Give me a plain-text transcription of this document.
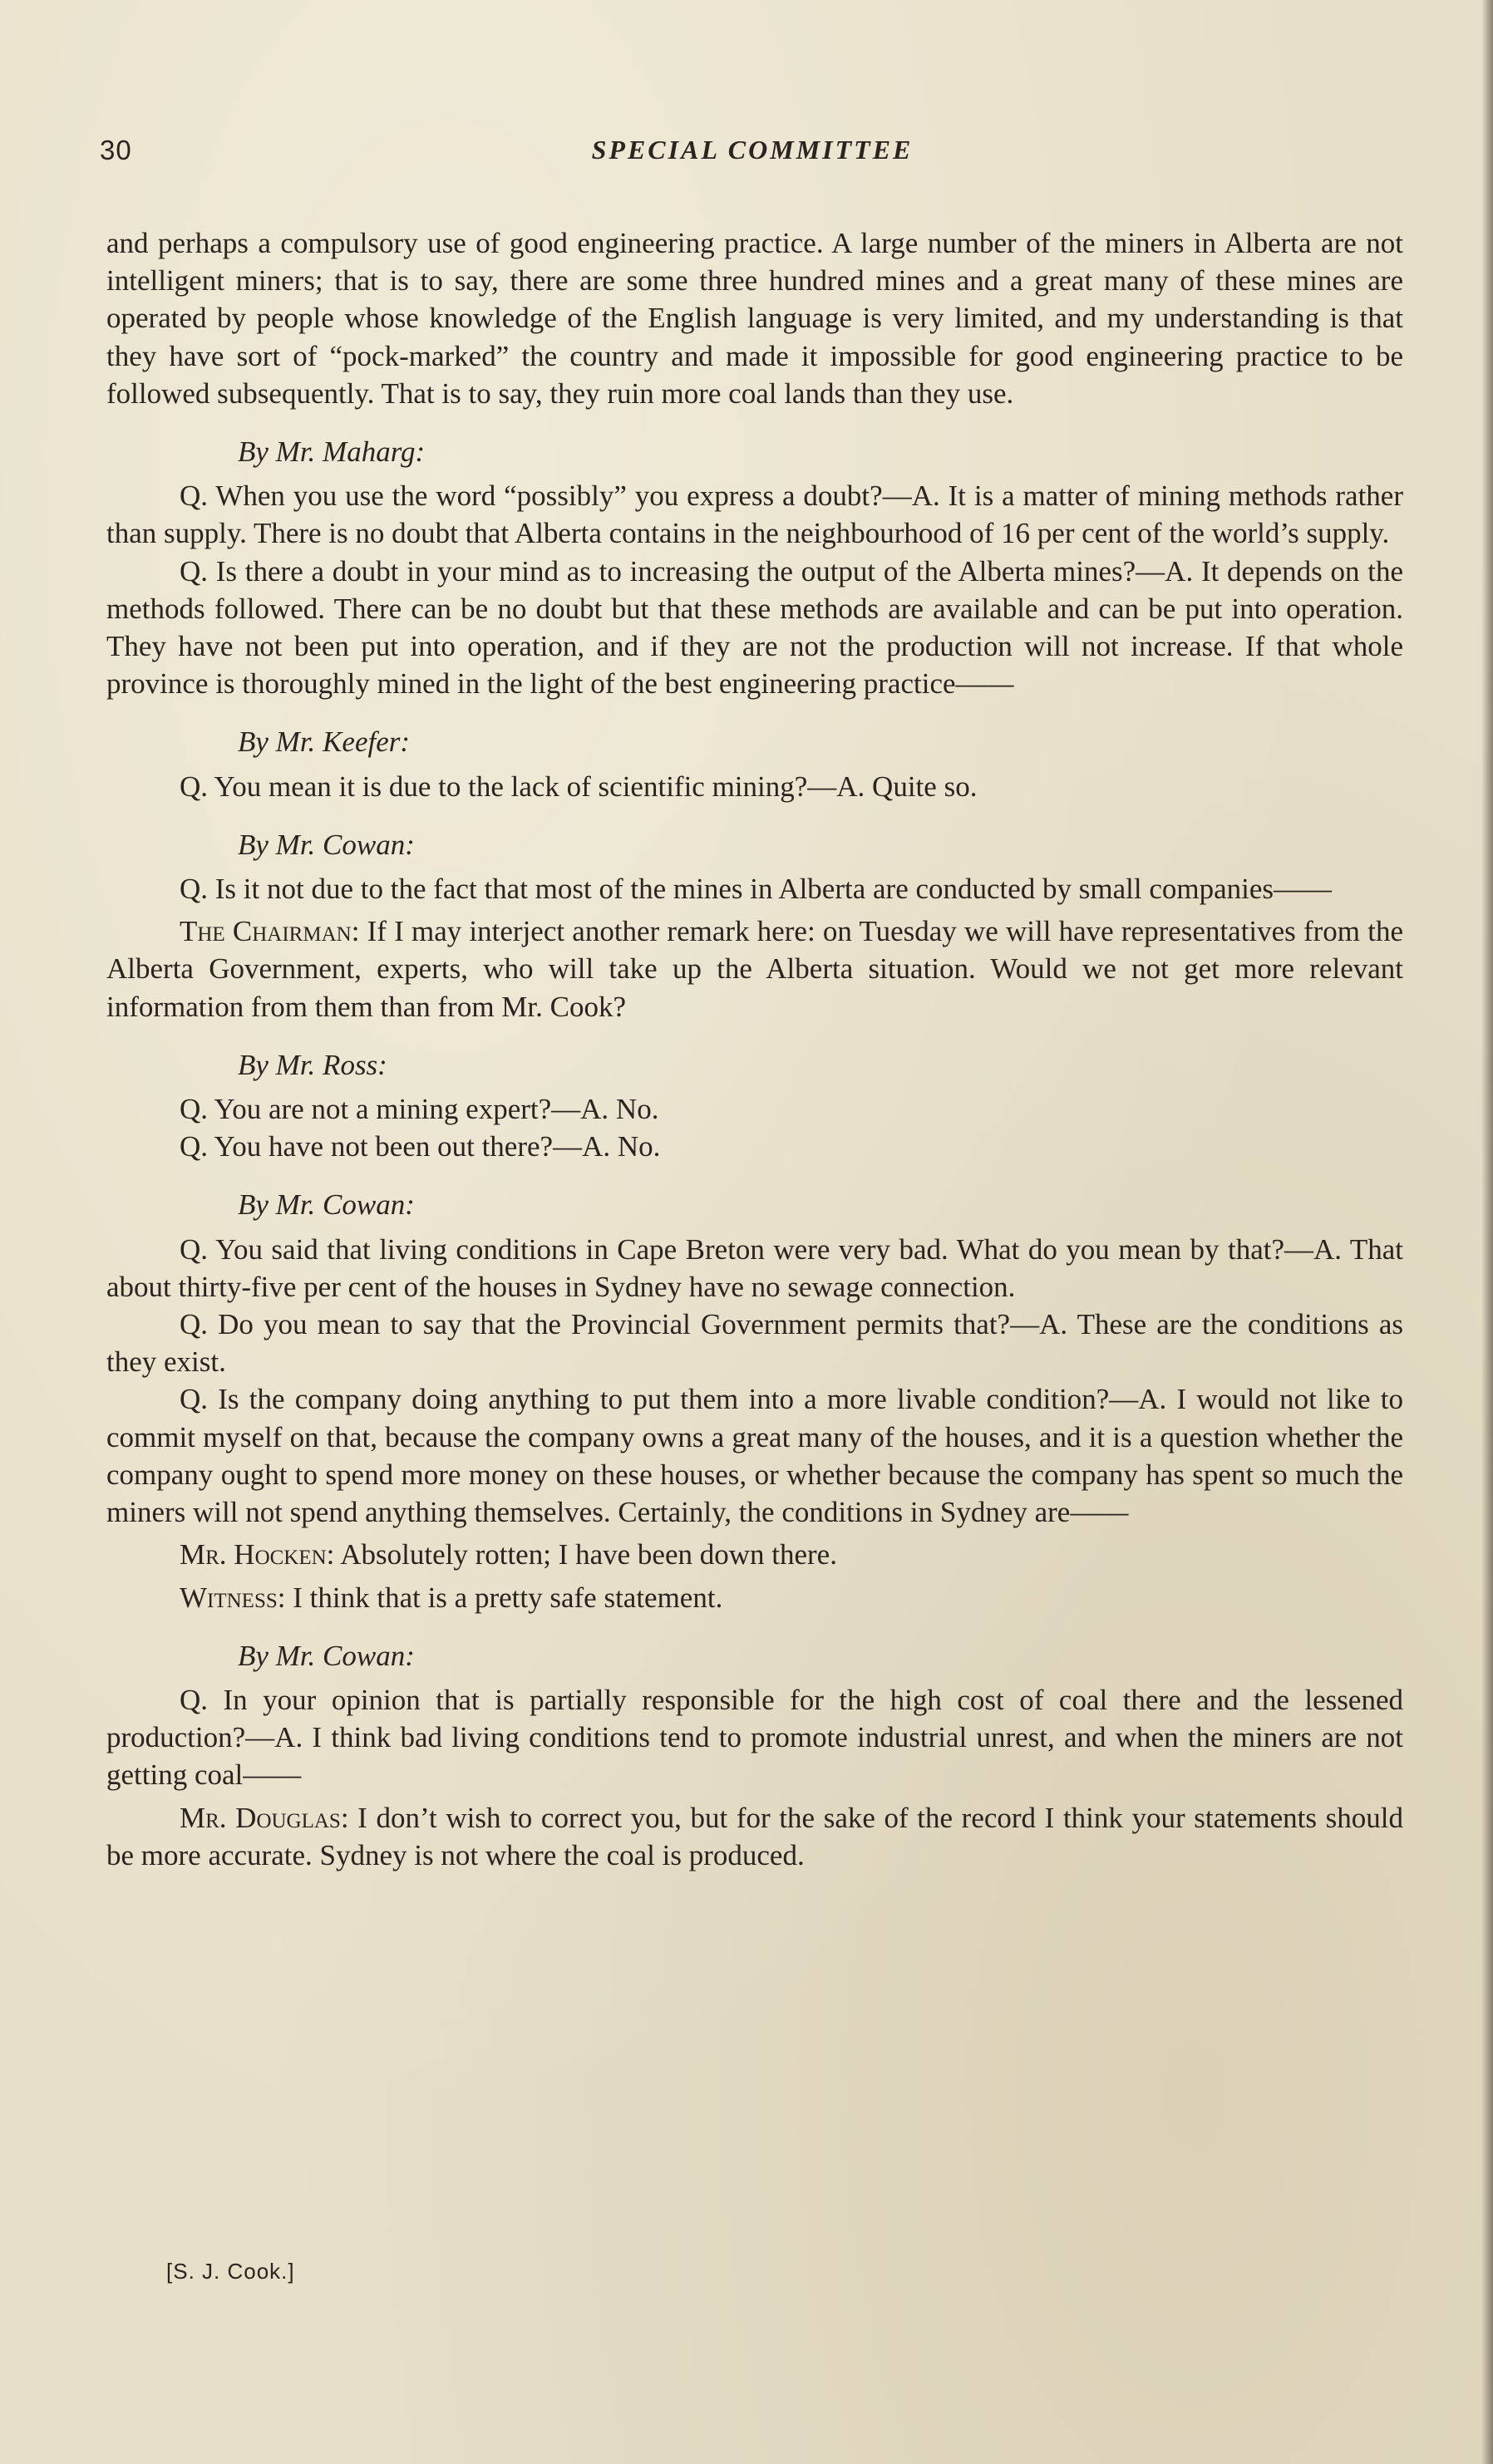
30	SPECIAL COMMITTEE

and perhaps a compulsory use of good engineering practice. A large number of the miners in Alberta are not intelligent miners; that is to say, there are some three hundred mines and a great many of these mines are operated by people whose knowledge of the English language is very limited, and my understanding is that they have sort of “pock-marked” the country and made it impossible for good engineering practice to be followed subsequently. That is to say, they ruin more coal lands than they use.

By Mr. Maharg:

Q. When you use the word “possibly” you express a doubt?—A. It is a matter of mining methods rather than supply. There is no doubt that Alberta contains in the neighbourhood of 16 per cent of the world’s supply.

Q. Is there a doubt in your mind as to increasing the output of the Alberta mines?—A. It depends on the methods followed. There can be no doubt but that these methods are available and can be put into operation. They have not been put into operation, and if they are not the production will not increase. If that whole province is thoroughly mined in the light of the best engineering practice——

By Mr. Keefer:

Q. You mean it is due to the lack of scientific mining?—A. Quite so.

By Mr. Cowan:

Q. Is it not due to the fact that most of the mines in Alberta are conducted by small companies——

The Chairman: If I may interject another remark here: on Tuesday we will have representatives from the Alberta Government, experts, who will take up the Alberta situation. Would we not get more relevant information from them than from Mr. Cook?

By Mr. Ross:

Q. You are not a mining expert?—A. No.

Q. You have not been out there?—A. No.

By Mr. Cowan:

Q. You said that living conditions in Cape Breton were very bad. What do you mean by that?—A. That about thirty-five per cent of the houses in Sydney have no sewage connection.

Q. Do you mean to say that the Provincial Government permits that?—A. These are the conditions as they exist.

Q. Is the company doing anything to put them into a more livable condition?—A. I would not like to commit myself on that, because the company owns a great many of the houses, and it is a question whether the company ought to spend more money on these houses, or whether because the company has spent so much the miners will not spend anything themselves. Certainly, the conditions in Sydney are——

Mr. Hocken: Absolutely rotten; I have been down there.

Witness: I think that is a pretty safe statement.

By Mr. Cowan:

Q. In your opinion that is partially responsible for the high cost of coal there and the lessened production?—A. I think bad living conditions tend to promote industrial unrest, and when the miners are not getting coal——

Mr. Douglas: I don’t wish to correct you, but for the sake of the record I think your statements should be more accurate. Sydney is not where the coal is produced.

[S. J. Cook.]
